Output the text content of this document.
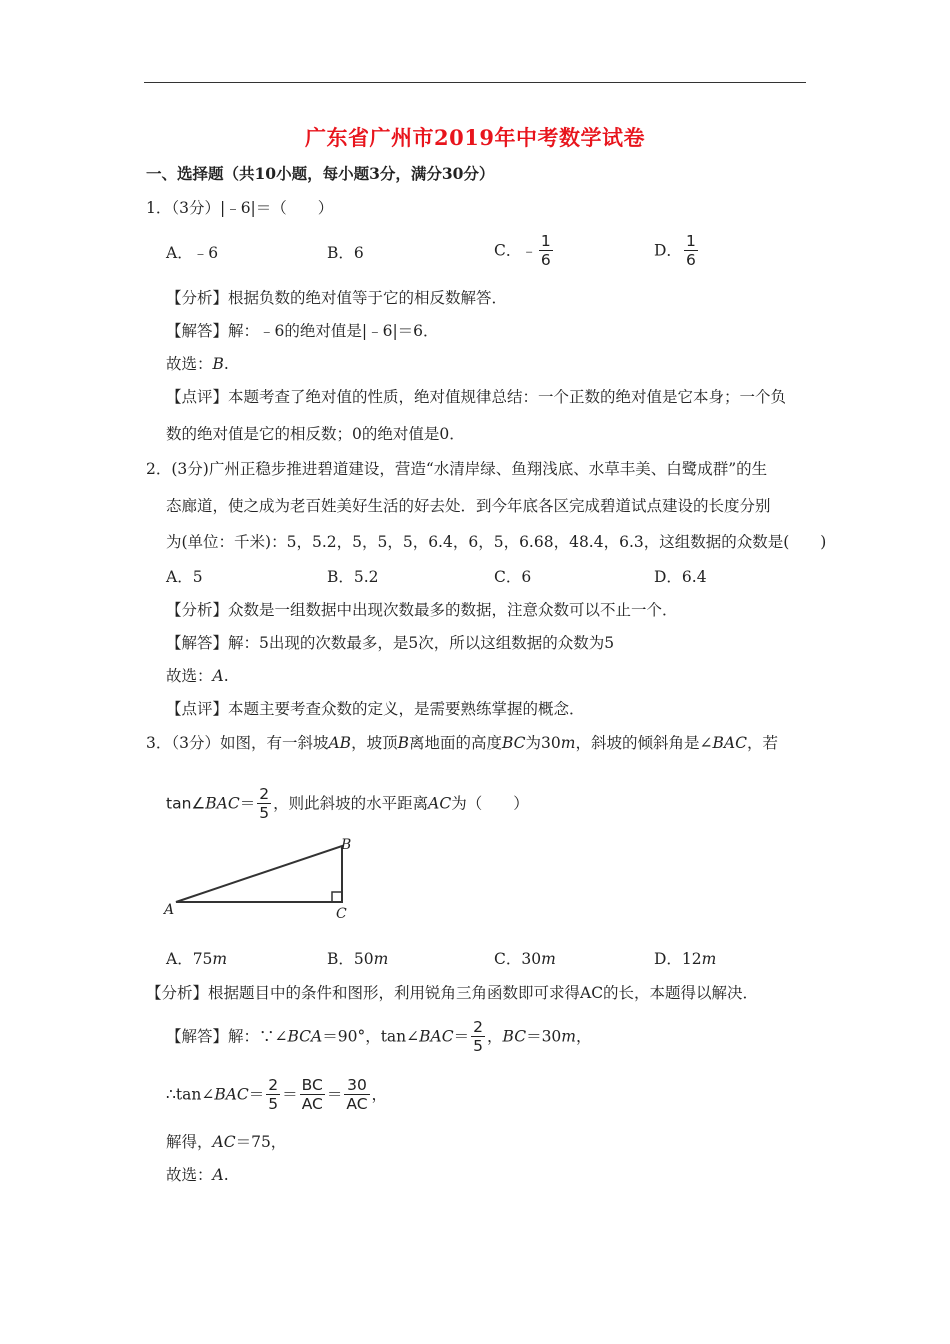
广东省广州市2019年中考数学试卷
一、选择题（共10小题，每小题3分，满分30分）
1．（3分）|﹣6|＝（　　）
A．﹣6	B．6	C．﹣ $\frac{1}{6}$	D． $\frac{1}{6}$
【分析】根据负数的绝对值等于它的相反数解答．
【解答】解：﹣6的绝对值是|﹣6|＝6．
故选：B.
【点评】本题考查了绝对值的性质，绝对值规律总结：一个正数的绝对值是它本身；一个负
数的绝对值是它的相反数；0的绝对值是0．
2．(3分)广州正稳步推进碧道建设，营造“水清岸绿、鱼翔浅底、水草丰美、白鹭成群”的生
态廊道，使之成为老百姓美好生活的好去处．到今年底各区完成碧道试点建设的长度分别
为(单位：千米)：5，5.2，5，5，5，6.4，6，5，6.68，48.4，6.3，这组数据的众数是(　　)
A．5	B．5.2	C．6	D．6.4
【分析】众数是一组数据中出现次数最多的数据，注意众数可以不止一个．
【解答】解：5出现的次数最多，是5次，所以这组数据的众数为5
故选：A.
【点评】本题主要考查众数的定义，是需要熟练掌握的概念．
3．（3分）如图，有一斜坡AB，坡顶B离地面的高度BC为30m，斜坡的倾斜角是∠BAC，若
tan∠BAC＝ $\frac{2}{5}$ ，则此斜坡的水平距离AC为（　　）
A
B
C
A．75m	B．50m	C．30m	D．12m
【分析】根据题目中的条件和图形，利用锐角三角函数即可求得AC的长，本题得以解决．
【解答】解：∵∠BCA＝90°，tan∠BAC＝ $\frac{2}{5}$ ，BC＝30m，
∴tan∠BAC＝ $\frac{2}{5} = \frac{BC}{AC} = \frac{30}{AC}$ ，
解得，AC＝75，
故选：A.
